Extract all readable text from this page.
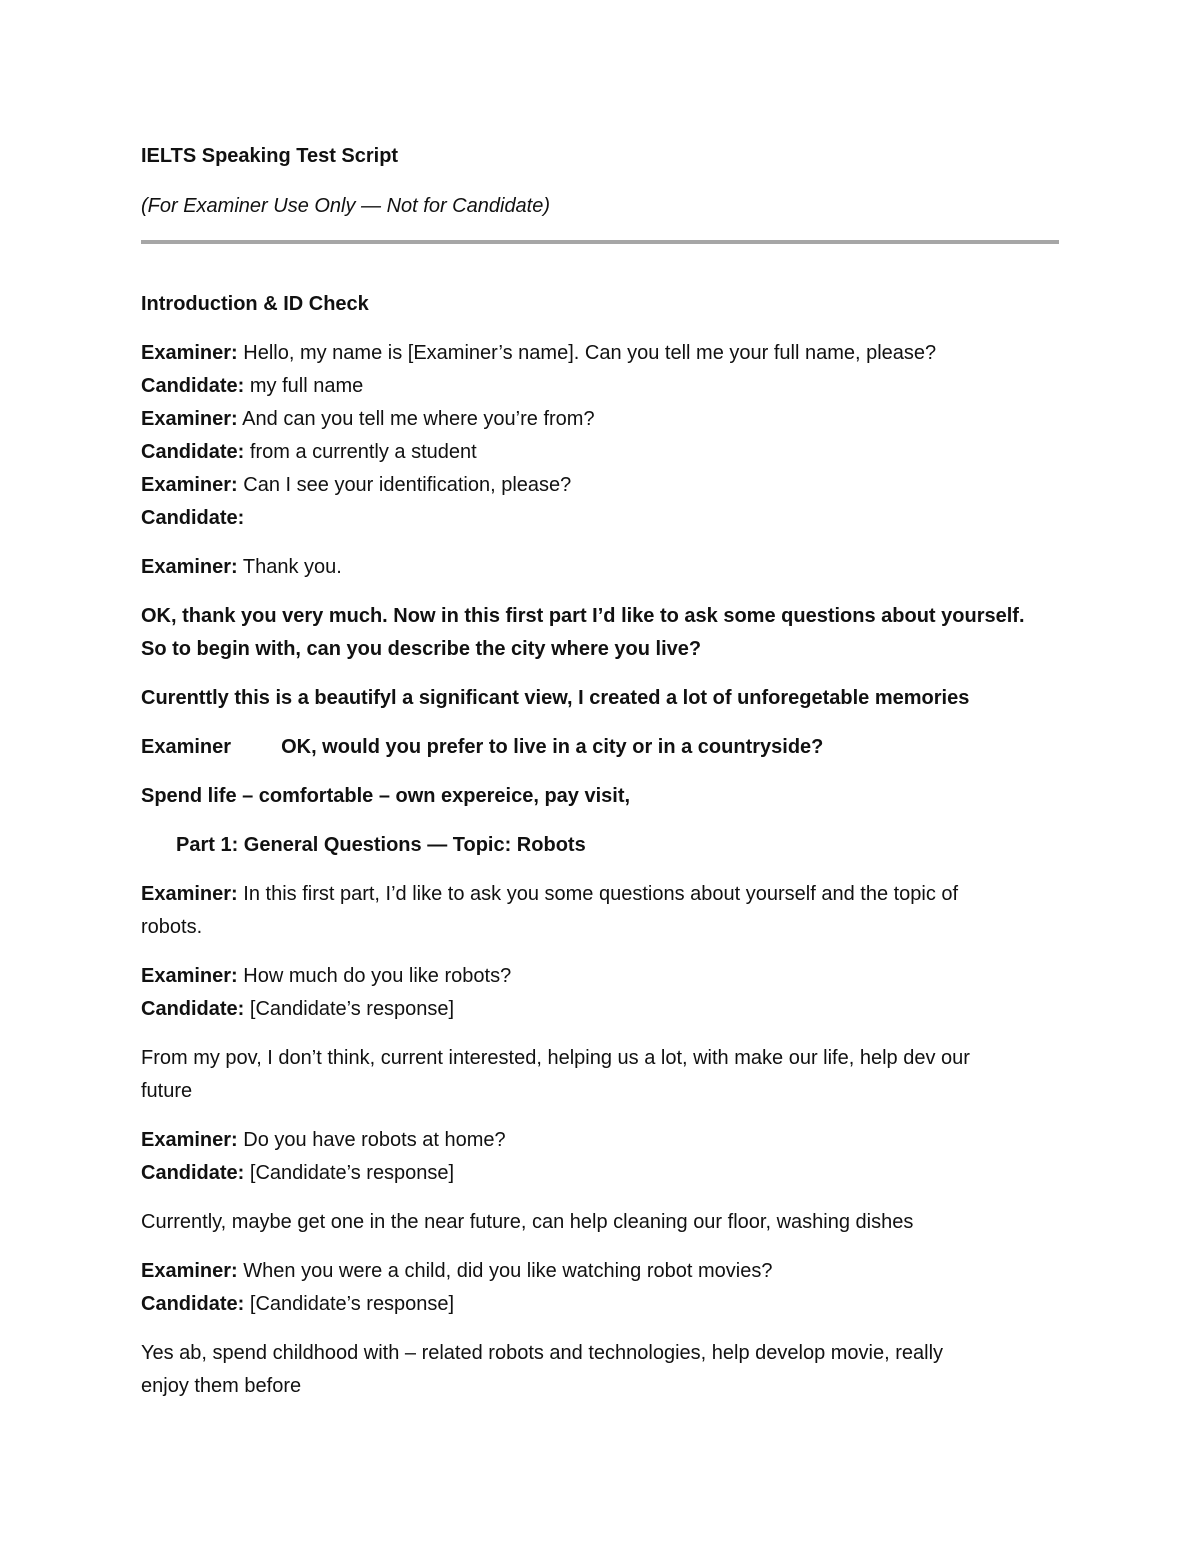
IELTS Speaking Test Script

(For Examiner Use Only — Not for Candidate)

Introduction & ID Check

Examiner: Hello, my name is [Examiner’s name]. Can you tell me your full name, please?

Candidate: my full name

Examiner: And can you tell me where you’re from?

Candidate: from a currently a student

Examiner: Can I see your identification, please?

Candidate:

Examiner: Thank you.

OK, thank you very much. Now in this first part I’d like to ask some questions about yourself.

So to begin with, can you describe the city where you live?

Curenttly this is a beautifyl a significant view, I created a lot of unforegetable memories

Examiner	OK, would you prefer to live in a city or in a countryside?

Spend life – comfortable – own expereice, pay visit,

Part 1: General Questions — Topic: Robots

Examiner: In this first part, I’d like to ask you some questions about yourself and the topic of

robots.

Examiner: How much do you like robots?

Candidate: [Candidate’s response]

From my pov, I don’t think, current interested, helping us a lot, with make our life, help dev our

future

Examiner: Do you have robots at home?

Candidate: [Candidate’s response]

Currently, maybe get one in the near future, can help cleaning our floor, washing dishes

Examiner: When you were a child, did you like watching robot movies?

Candidate: [Candidate’s response]

Yes ab, spend childhood with – related robots and technologies, help develop movie, really

enjoy them before
